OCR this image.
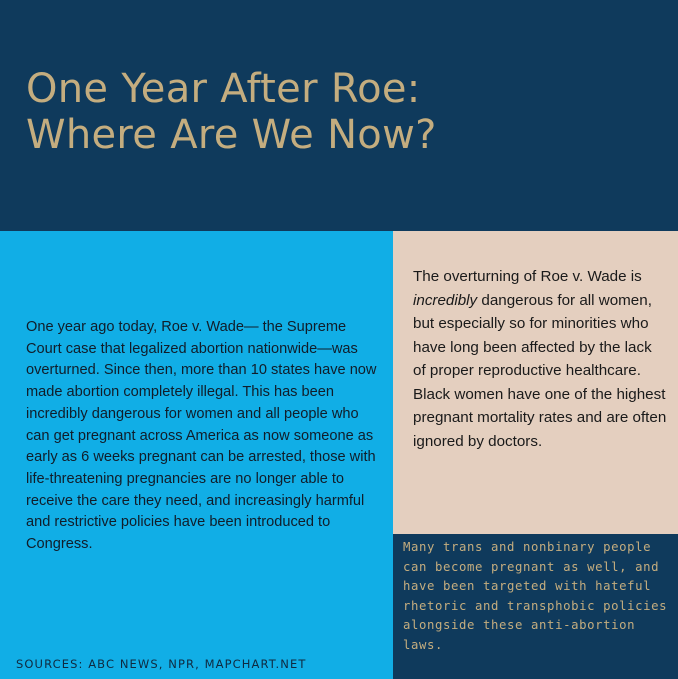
One Year After Roe:
Where Are We Now?

One year ago today, Roe v. Wade— the Supreme Court case that legalized abortion nationwide—was overturned. Since then, more than 10 states have now made abortion completely illegal. This has been incredibly dangerous for women and all people who can get pregnant across America as now someone as early as 6 weeks pregnant can be arrested, those with life-threatening pregnancies are no longer able to receive the care they need, and increasingly harmful and restrictive policies have been introduced to Congress.

SOURCES: ABC NEWS, NPR, MAPCHART.NET

The overturning of Roe v. Wade is incredibly dangerous for all women, but especially so for minorities who have long been affected by the lack of proper reproductive healthcare. Black women have one of the highest pregnant mortality rates and are often  ignored by doctors.

Many trans and nonbinary people can become pregnant as well, and have been targeted with hateful rhetoric and transphobic policies alongside these anti-abortion laws.
